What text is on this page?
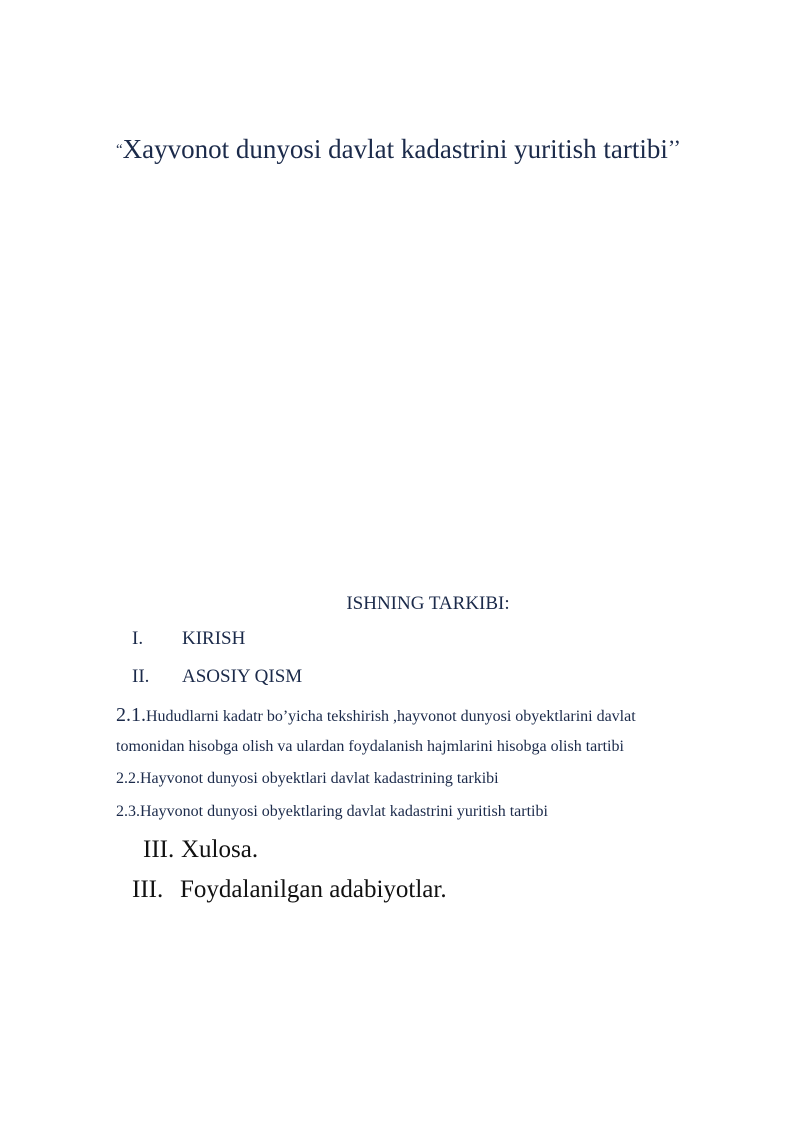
“Xayvonot dunyosi davlat kadastrini yuritish tartibi’’
ISHNING TARKIBI:
I. KIRISH
II. ASOSIY QISM
2.1.Hududlarni kadatr bo’yicha tekshirish ,hayvonot dunyosi obyektlarini davlat
tomonidan hisobga olish va ulardan foydalanish hajmlarini hisobga olish tartibi
2.2.Hayvonot dunyosi obyektlari davlat kadastrining tarkibi
2.3.Hayvonot dunyosi obyektlaring davlat kadastrini yuritish tartibi
III. Xulosa.
III. Foydalanilgan adabiyotlar.
